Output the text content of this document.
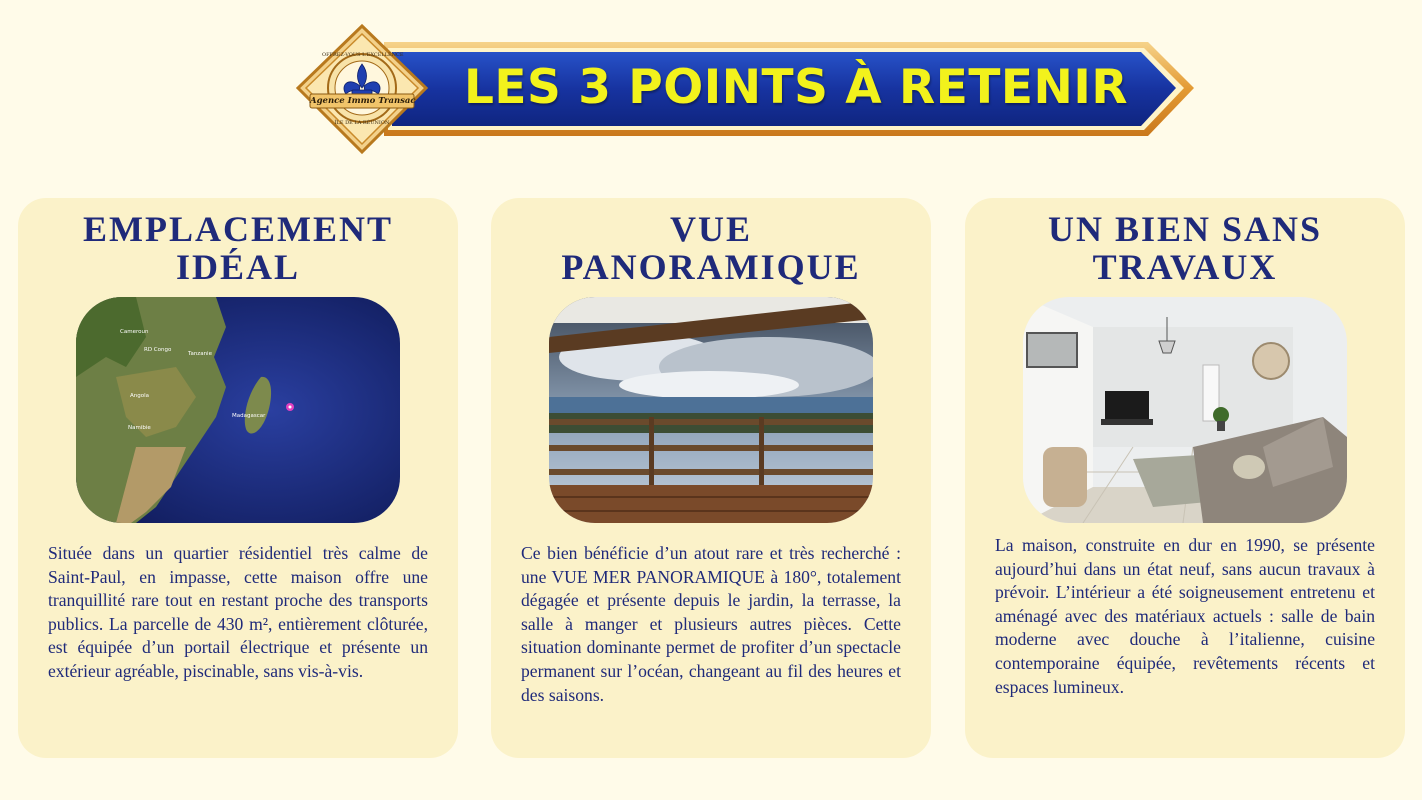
LES 3 POINTS À RETENIR
OFFREZ-VOUS L'EXCELLENCE
Agence Immo Transac
ÎLE DE LA RÉUNION
EMPLACEMENT
IDÉAL
Cameroun
RD Congo
Tanzanie
Angola
Namibie
Madagascar
Située dans un quartier résidentiel très calme de Saint-Paul, en impasse, cette maison offre une tranquillité rare tout en restant proche des transports publics. La parcelle de 430 m², entièrement clôturée, est équipée d’un portail électrique et présente un extérieur agréable, piscinable, sans vis-à-vis.
VUE
PANORAMIQUE
Ce bien bénéficie d’un atout rare et très recherché : une VUE MER PANORAMIQUE à 180°, totalement dégagée et présente depuis le jardin, la terrasse, la salle à manger et plusieurs autres pièces. Cette situation dominante permet de profiter d’un spectacle permanent sur l’océan, changeant au fil des heures et des saisons.
UN BIEN SANS
TRAVAUX
La maison, construite en dur en 1990, se présente aujourd’hui dans un état neuf, sans aucun travaux à prévoir. L’intérieur a été soigneusement entretenu et aménagé avec des matériaux actuels : salle de bain moderne avec douche à l’italienne, cuisine contemporaine équipée, revêtements récents et espaces lumineux.
